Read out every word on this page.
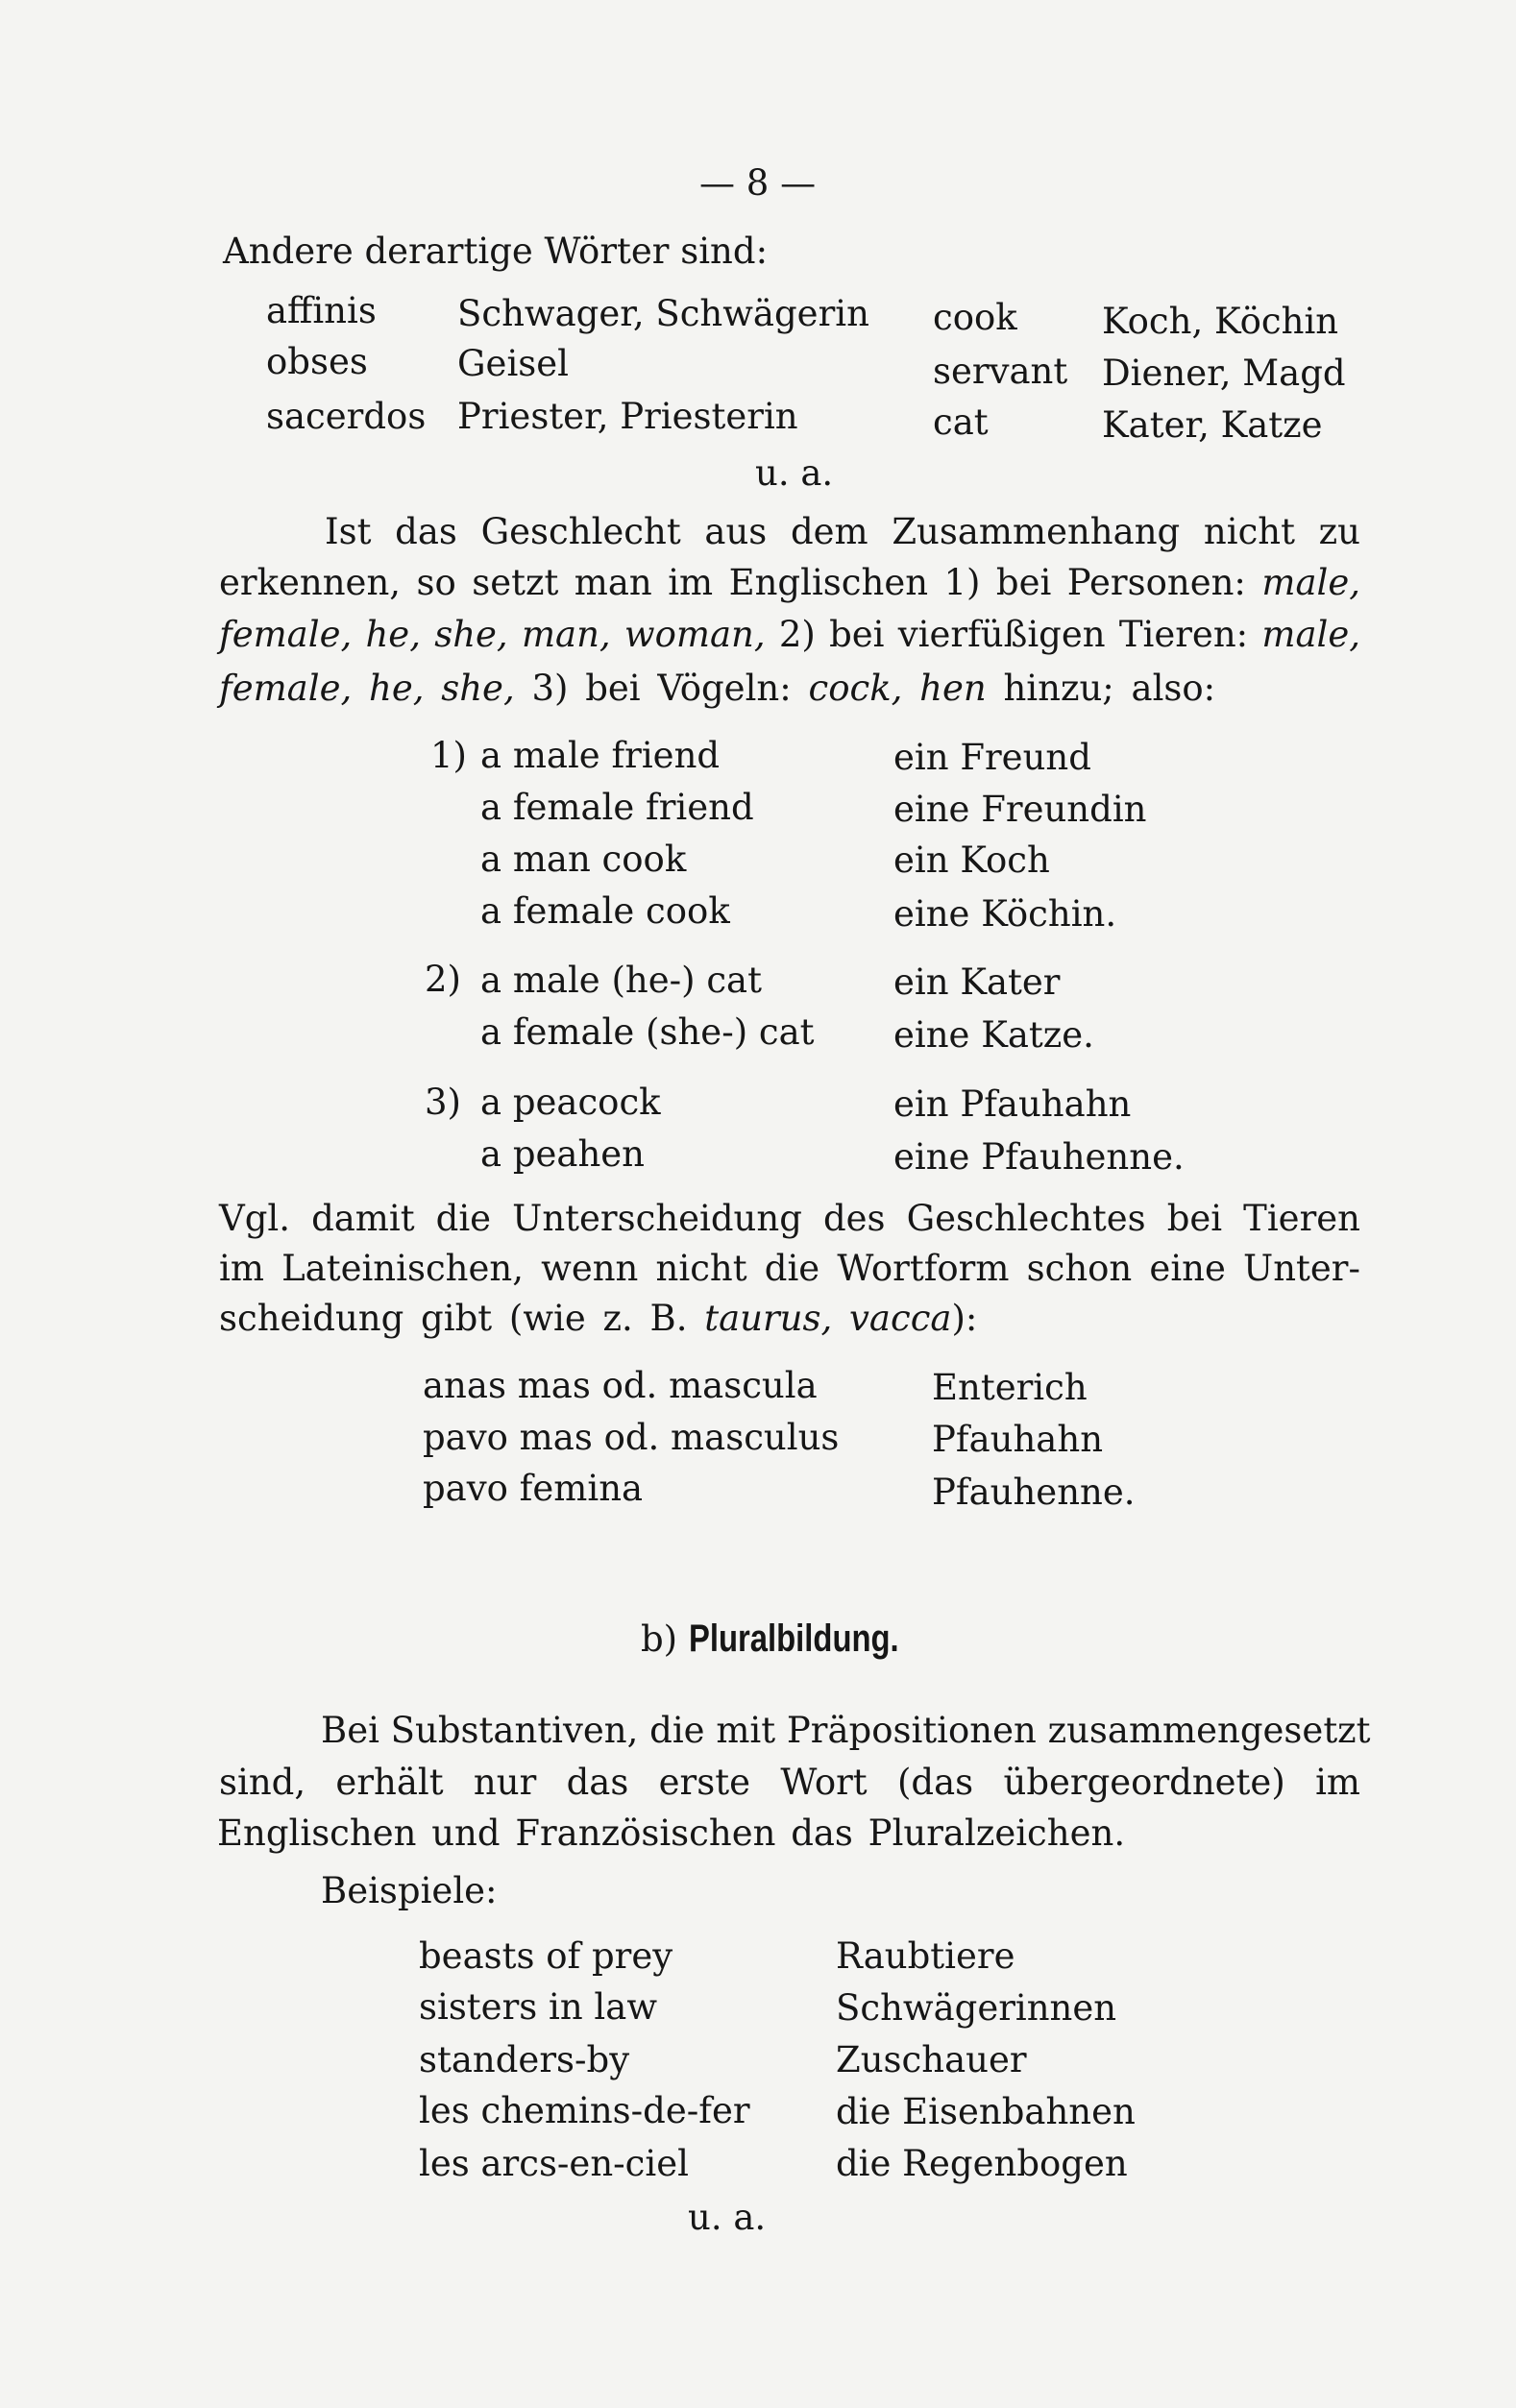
— 8 —
Andere derartige Wörter sind:
affinis Schwager, Schwägerin cook Koch, Köchin
obses	Geisel	servant Diener, Magd
sacerdos Priester, Priesterin	cat	Kater, Katze
u. a.
Ist das Geschlecht aus dem Zusammenhang nicht zu
erkennen, so setzt man im Englischen 1) bei Personen: male,
female, he, she, man, woman, 2) bei vierfüßigen Tieren: male,
female, he, she, 3) bei Vögeln: cock, hen hinzu; also:
1) a male friend	ein Freund
a female friend	eine Freundin
a man cook	ein Koch
a female cook	eine Köchin.
2) a male (he-) cat	ein Kater
a female (she-) cat eine Katze.
3) a peacock	ein Pfauhahn
a peahen	eine Pfauhenne.
Vgl. damit die Unterscheidung des Geschlechtes bei Tieren
im Lateinischen, wenn nicht die Wortform schon eine Unter-
scheidung gibt (wie z. B. taurus, vacca):
anas mas od. mascula	Enterich
pavo mas od. masculus	Pfauhahn
pavo femina	Pfauhenne.
b) Pluralbildung.
Bei Substantiven, die mit Präpositionen zusammengesetzt
sind, erhält nur das erste Wort (das übergeordnete) im
Englischen und Französischen das Pluralzeichen.
Beispiele:
beasts of prey	Raubtiere
sisters in law	Schwägerinnen
standers-by	Zuschauer
les chemins-de-fer die Eisenbahnen
les arcs-en-ciel	die Regenbogen
u. a.
